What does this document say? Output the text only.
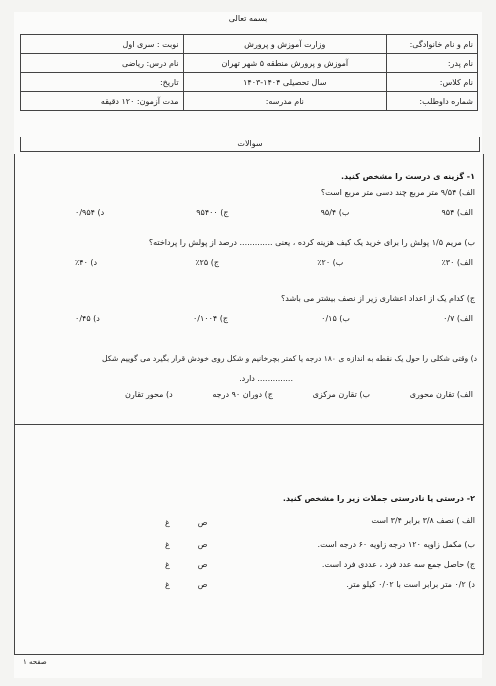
بسمه تعالی
نام و نام خانوادگی:	وزارت آموزش و پرورش	نوبت : سری اول
نام پدر:	آموزش و پرورش منطقه ۵ شهر تهران	نام درس: ریاضی
نام کلاس:	سال تحصیلی ۱۴۰۴-۱۴۰۳	تاریخ:
شماره داوطلب:	نام مدرسه:	مدت آزمون: ۱۲۰ دقیقه
سوالات
۱- گزینه ی درست را مشخص کنید.
الف) ۹/۵۴ متر مربع چند دسی متر مربع است؟
الف) ۹۵۴
ب) ۹۵/۴
ج) ۹۵۴۰۰
د) ۰/۹۵۴
ب) مریم ۱/۵ پولش را برای خرید یک کیف هزینه کرده ، یعنی ............. درصد از پولش را پرداخته؟
الف) ۳۰٪
ب) ۲۰٪
ج) ۲۵٪
د) ۴۰٪
ج) کدام یک از اعداد اعشاری زیر از نصف بیشتر می باشد؟
الف) ۰/۷
ب) ۰/۱۵
ج) ۰/۱۰۰۴
د) ۰/۴۵
د) وقتی شکلی را حول یک نقطه به اندازه ی ۱۸۰ درجه یا کمتر بچرخانیم و شکل روی خودش قرار بگیرد می گوییم شکل
.............. دارد.
الف) تقارن محوری
ب) تقارن مرکزی
ج) دوران ۹۰ درجه
د) محور تقارن
۲- درستی یا نادرستی جملات زیر را مشخص کنید.
الف ) نصف ۳/۸ برابر ۳/۴ است
غ	ص
ب) مکمل زاویه ۱۲۰ درجه زاویه ۶۰ درجه است.
غ	ص
ج) حاصل جمع سه عدد فرد ، عددی فرد است.
غ	ص
د) ۰/۲ متر برابر است با ۰/۰۲ کیلو متر.
غ	ص
صفحه ۱
